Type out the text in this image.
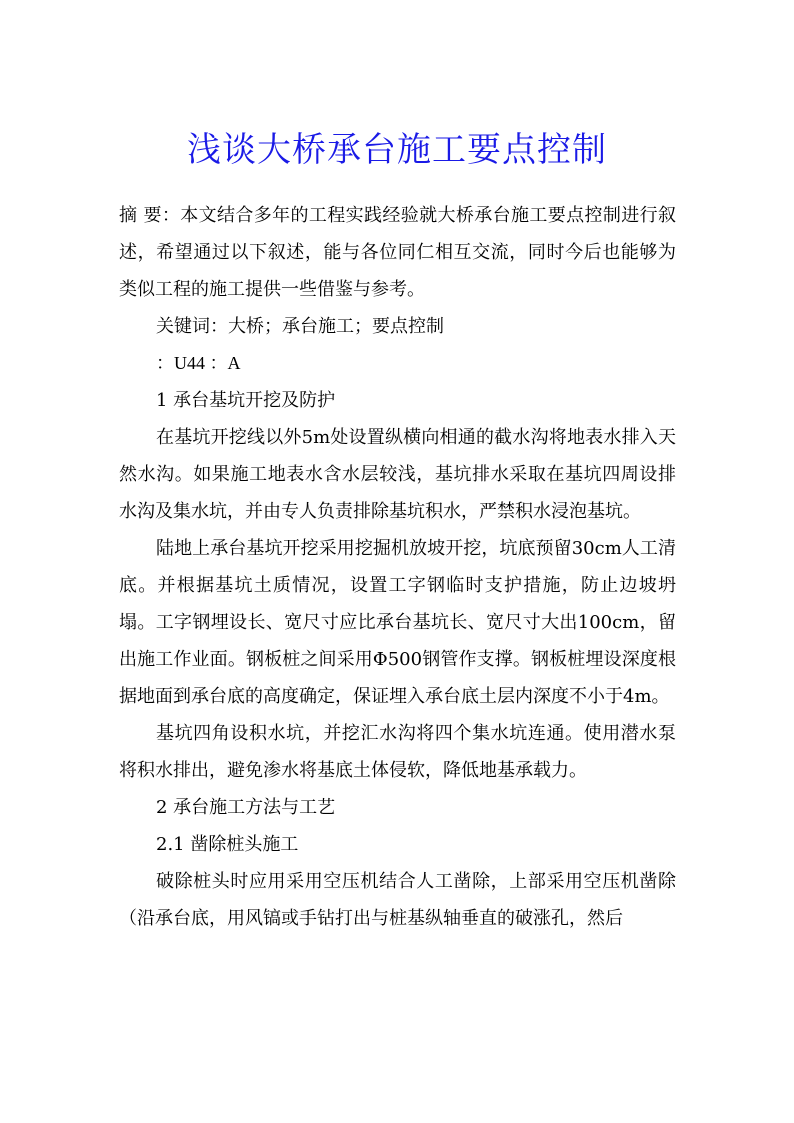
浅谈大桥承台施工要点控制

摘 要：本文结合多年的工程实践经验就大桥承台施工要点控制进行叙述，希望通过以下叙述，能与各位同仁相互交流，同时今后也能够为类似工程的施工提供一些借鉴与参考。

关键词：大桥；承台施工；要点控制

：U44 ：A

1 承台基坑开挖及防护

在基坑开挖线以外5m处设置纵横向相通的截水沟将地表水排入天然水沟。如果施工地表水含水层较浅，基坑排水采取在基坑四周设排水沟及集水坑，并由专人负责排除基坑积水，严禁积水浸泡基坑。

陆地上承台基坑开挖采用挖掘机放坡开挖，坑底预留30cm人工清底。并根据基坑土质情况，设置工字钢临时支护措施，防止边坡坍塌。工字钢埋设长、宽尺寸应比承台基坑长、宽尺寸大出100cm，留出施工作业面。钢板桩之间采用Φ500钢管作支撑。钢板桩埋设深度根据地面到承台底的高度确定，保证埋入承台底土层内深度不小于4m。

基坑四角设积水坑，并挖汇水沟将四个集水坑连通。使用潜水泵将积水排出，避免渗水将基底土体侵软，降低地基承载力。

2 承台施工方法与工艺

2.1 凿除桩头施工

破除桩头时应用采用空压机结合人工凿除，上部采用空压机凿除（沿承台底，用风镐或手钻打出与桩基纵轴垂直的破涨孔，然后
